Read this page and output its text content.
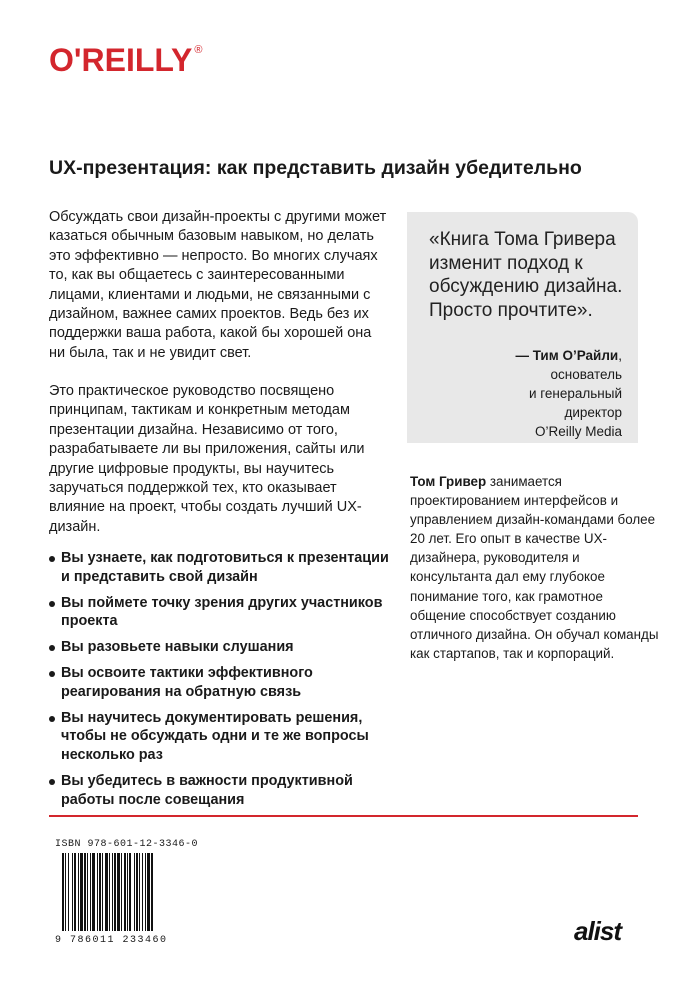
O'REILLY ®
UX-презентация: как представить дизайн убедительно

Обсуждать свои дизайн-проекты с другими может казаться обычным базовым навыком, но делать это эффективно — непросто. Во многих случаях то, как вы общаетесь с заинтересованными лицами, клиентами и людьми, не связанными с дизайном, важнее самих проектов. Ведь без их поддержки ваша работа, какой бы хорошей она ни была, так и не увидит свет.

Это практическое руководство посвящено принципам, тактикам и конкретным методам презентации дизайна. Независимо от того, разрабатываете ли вы приложения, сайты или другие цифровые продукты, вы научитесь заручаться поддержкой тех, кто оказывает влияние на проект, чтобы создать лучший UX-дизайн.

«Книга Тома Гривера изменит подход к обсуждению дизайна. Просто прочтите».
— Тим О’Райли,
основатель
и генеральный
директор
O’Reilly Media
Том Гривер занимается проектированием интерфейсов и управлением дизайн-командами более 20 лет. Его опыт в качестве UX-дизайнера, руководителя и консультанта дал ему глубокое понимание того, как грамотное общение способствует созданию отличного дизайна. Он обучал команды как стартапов, так и корпораций.
Вы узнаете, как подготовиться к презентации и представить свой дизайн
Вы поймете точку зрения других участников проекта
Вы разовьете навыки слушания
Вы освоите тактики эффективного реагирования на обратную связь
Вы научитесь документировать решения, чтобы не обсуждать одни и те же вопросы несколько раз
Вы убедитесь в важности продуктивной работы после совещания
ISBN 978-601-12-3346-0
9 786011 233460	alist
